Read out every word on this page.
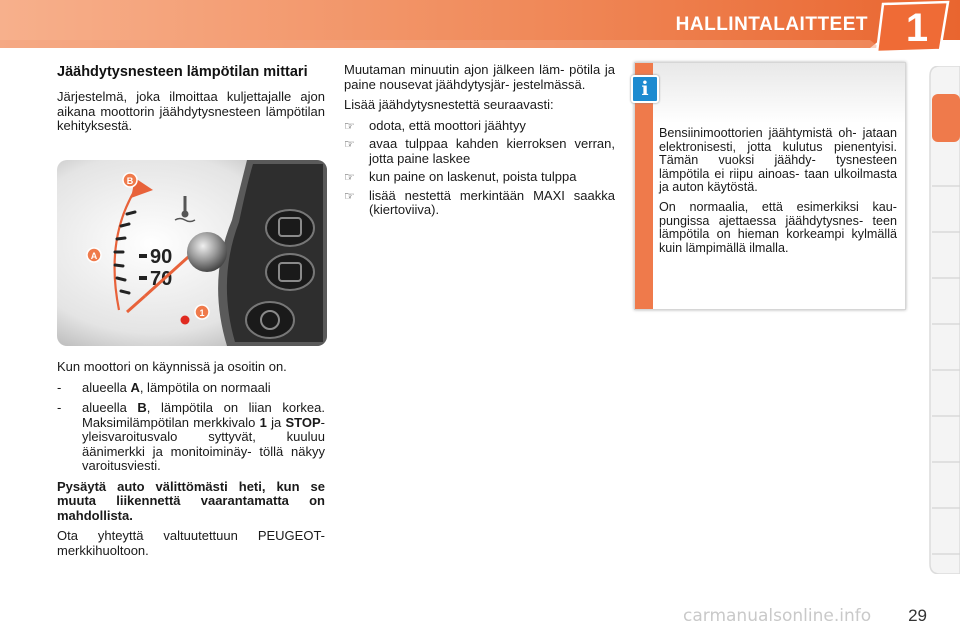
HALLINTALAITTEET 1
Jäähdytysnesteen lämpötilan mittari

Järjestelmä, joka ilmoittaa kuljettajalle ajon aikana moottorin jäähdytysnesteen lämpötilan kehityksestä.

90
70
B
A
1

Kun moottori on käynnissä ja osoitin on.

-	alueella A, lämpötila on normaali
-	alueella B, lämpötila on liian korkea. Maksimilämpötilan merkkivalo 1 ja STOP-yleisvaroitusvalo syttyvät, kuuluu äänimerkki ja monitoiminäy- töllä näkyy varoitusviesti.

Pysäytä auto välittömästi heti, kun se muuta liikennettä vaarantamatta on mahdollista.

Ota yhteyttä valtuutettuun PEUGEOT- merkkihuoltoon.

Muutaman minuutin ajon jälkeen läm- pötila ja paine nousevat jäähdytysjär- jestelmässä.

Lisää jäähdytysnestettä seuraavasti:

☞	odota, että moottori jäähtyy
☞	avaa tulppaa kahden kierroksen verran, jotta paine laskee
☞	kun paine on laskenut, poista tulppa
☞	lisää nestettä merkintään MAXI saakka (kiertoviiva).
i

Bensiinimoottorien jäähtymistä oh- jataan elektronisesti, jotta kulutus pienentyisi. Tämän vuoksi jäähdy- tysnesteen lämpötila ei riipu ainoas- taan ulkoilmasta ja auton käytöstä.

On normaalia, että esimerkiksi kau- pungissa ajettaessa jäähdytysnes- teen lämpötila on hieman korkeampi kylmällä kuin lämpimällä ilmalla.

carmanualsonline.info 29
